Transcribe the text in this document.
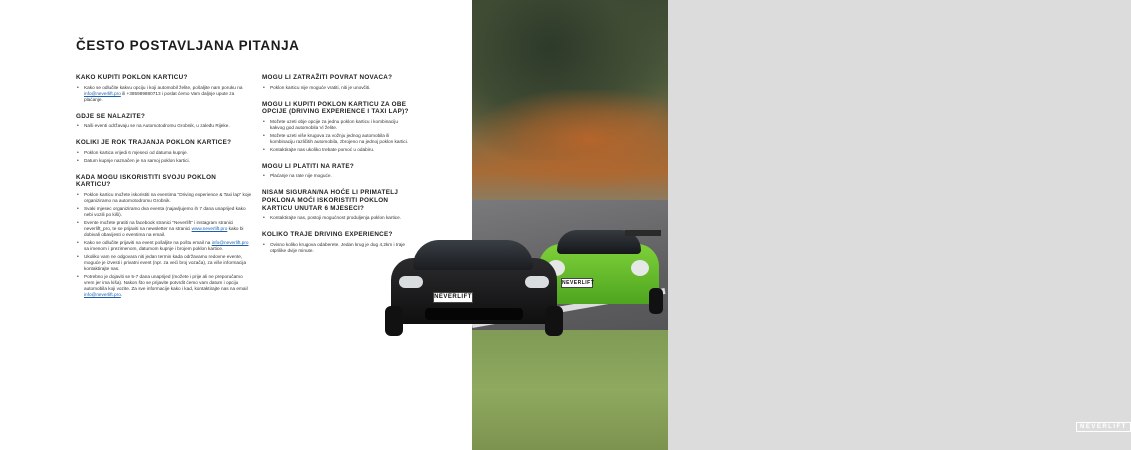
ČESTO POSTAVLJANA PITANJA
KAKO KUPITI POKLON KARTICU?
• Kako se odlučite kakvu opciju i koji automobil želite, pošaljite nam poruku na info@neverlift.pro ili +385989880713 i poslat ćemo Vam daljnje upute za plaćanje.
GDJE SE NALAZITE?
• Naši eventi održavaju se na Automotodromu Grobnik, u zaleđu Rijeke.
KOLIKI JE ROK TRAJANJA POKLON KARTICE?
• Poklon kartica vrijedi 6 mjeseci od datuma kupnje.
• Datum kupnje naznačen je na samoj poklon kartici.
KADA MOGU ISKORISTITI SVOJU POKLON KARTICU?
• Poklon karticu možete iskoristiti na eventima "Driving experience & Taxi lap" koje organiziramo na automotodromu Grobnik.
• Svaki mjesec organiziramo dva eventa (najavljujemo ih 7 dana unaprijed kako nebi vozili po kiši).
• Evente možete pratiti na facebook stranici "Neverlift" i instagram stranici neverlift_pro, te se prijaviti na newsletter na stranici www.neverlift.pro kako bi dobivali obavijesti o eventima na email.
• Kako se odlučite prijaviti na event pošaljite na poštu email na info@neverlift.pro sa imenom i prezimenom, datumom kupnje i brojem poklon kartice.
• Ukoliko vam ne odgovara niti jedan termin kada održavamo redovne evente, moguće je izvesti i privatni event (npr. za veći broj vozača), za više informacija kontaktirajte nas.
• Potrebno je dojaviti se 5-7 dana unaprijed (možete i prije ali ne preporučamo vrem jer ima kiša). Nakon što se prijavite potvrdit ćemo vam datum i opciju automobila koji vozite. Za sve informacije kako i kad, kontaktirajte nas na email info@neverlift.pro.
MOGU LI ZATRAŽITI POVRAT NOVACA?
• Poklon karticu nije moguće vratiti, niti je unovčiti.
MOGU LI KUPITI POKLON KARTICU ZA OBE OPCIJE (DRIVING EXPERIENCE I TAXI LAP)?
• Možete uzeti obje opcije za jednu poklon karticu i kombinaciju kakvog god automobila Vi želite.
• Možete uzeti više krugova za vožnju jednog automobila ili kombinaciju različitih automobila, zbrojeno na jednoj poklon kartici.
• Kontaktirajte nas ukoliko trebate pomoć u odabiru.
MOGU LI PLATITI NA RATE?
• Plaćanje na rate nije moguće.
NISAM SIGURAN/NA HOĆE LI PRIMATELJ POKLONA MOĆI ISKORISTITI POKLON KARTICU UNUTAR 6 MJESECI?
• Kontaktirajte nas, postoji mogućnost produljenja poklon kartice.
KOLIKO TRAJE DRIVING EXPERIENCE?
• Ovisno koliko krugova odaberete. Jedan krug je dug 4,2km i traje otprilike dvije minute.
NEVERLIFT
NEVERLIFT
NEVERLIFT
